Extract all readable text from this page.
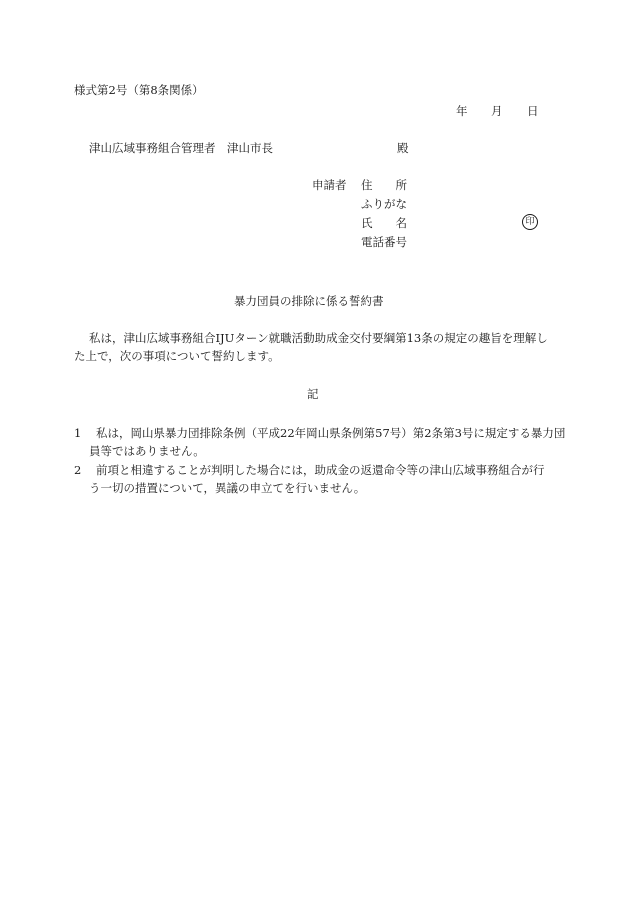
様式第2号（第8条関係）
年 月 日
津山広域事務組合管理者　津山市長	殿
申請者 住　　所
ふりがな
氏　　名	印
電話番号
暴力団員の排除に係る誓約書
私は，津山広域事務組合IJUターン就職活動助成金交付要綱第13条の規定の趣旨を理解し
た上で，次の事項について誓約します。
記
1 私は，岡山県暴力団排除条例（平成22年岡山県条例第57号）第2条第3号に規定する暴力団
員等ではありません。
2 前項と相違することが判明した場合には，助成金の返還命令等の津山広域事務組合が行
う一切の措置について，異議の申立てを行いません。
